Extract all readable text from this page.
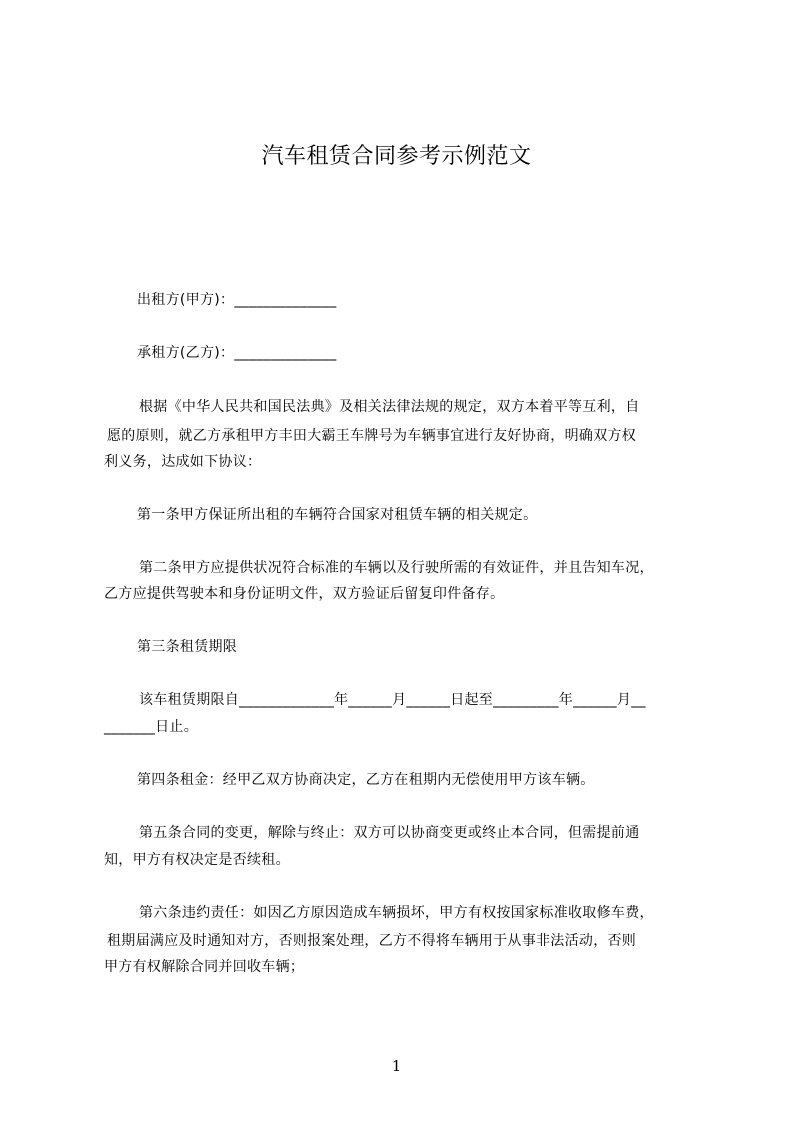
汽车租赁合同参考示例范文
出租方(甲方)：______________
承租方(乙方)：______________
根据《中华人民共和国民法典》及相关法律法规的规定，双方本着平等互利，自
愿的原则，就乙方承租甲方丰田大霸王车牌号为车辆事宜进行友好协商，明确双方权
利义务，达成如下协议：
第一条甲方保证所出租的车辆符合国家对租赁车辆的相关规定。
第二条甲方应提供状况符合标准的车辆以及行驶所需的有效证件，并且告知车况，
乙方应提供驾驶本和身份证明文件，双方验证后留复印件备存。
第三条租赁期限
该车租赁期限自_____________年______月______日起至_________年______月__
_______日止。
第四条租金：经甲乙双方协商决定，乙方在租期内无偿使用甲方该车辆。
第五条合同的变更，解除与终止：双方可以协商变更或终止本合同，但需提前通
知，甲方有权决定是否续租。
第六条违约责任：如因乙方原因造成车辆损坏，甲方有权按国家标准收取修车费，
租期届满应及时通知对方，否则报案处理，乙方不得将车辆用于从事非法活动，否则
甲方有权解除合同并回收车辆；
1
